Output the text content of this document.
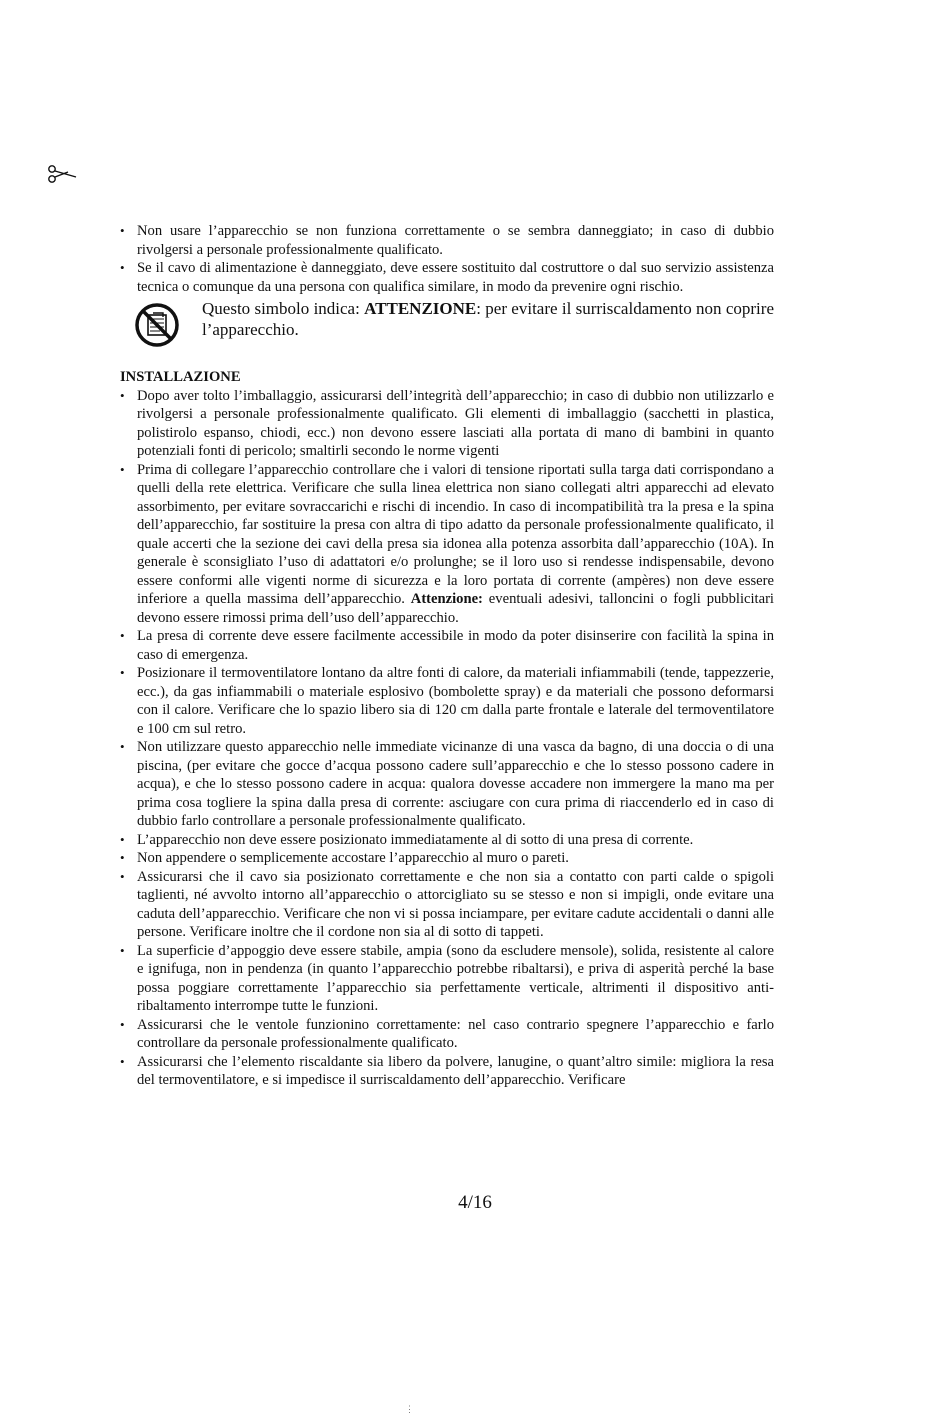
• Non usare l’apparecchio se non funziona correttamente o se sembra danneggiato; in caso di dubbio rivolgersi a personale professionalmente qualificato.
• Se il cavo di alimentazione è danneggiato, deve essere sostituito dal costruttore o dal suo servizio assistenza tecnica o comunque da una persona con qualifica similare, in modo da prevenire ogni rischio.
Questo simbolo indica: ATTENZIONE: per evitare il surriscaldamento non coprire l’apparecchio.
INSTALLAZIONE
• Dopo aver tolto l’imballaggio, assicurarsi dell’integrità dell’apparecchio; in caso di dubbio non utilizzarlo e rivolgersi a personale professionalmente qualificato. Gli elementi di imballaggio (sacchetti in plastica, polistirolo espanso, chiodi, ecc.) non devono essere lasciati alla portata di mano di bambini in quanto potenziali fonti di pericolo; smaltirli secondo le norme vigenti
• Prima di collegare l’apparecchio controllare che i valori di tensione riportati sulla targa dati corrispondano a quelli della rete elettrica. Verificare che sulla linea elettrica non siano collegati altri apparecchi ad elevato assorbimento, per evitare sovraccarichi e rischi di incendio. In caso di incompatibilità tra la presa e la spina dell’apparecchio, far sostituire la presa con altra di tipo adatto da personale professionalmente qualificato, il quale accerti che la sezione dei cavi della presa sia idonea alla potenza assorbita dall’apparecchio (10A). In generale è sconsigliato l’uso di adattatori e/o prolunghe; se il loro uso si rendesse indispensabile, devono essere conformi alle vigenti norme di sicurezza e la loro portata di corrente (ampères) non deve essere inferiore a quella massima dell’apparecchio. Attenzione: eventuali adesivi, talloncini o fogli pubblicitari devono essere rimossi prima dell’uso dell’apparecchio.
• La presa di corrente deve essere facilmente accessibile in modo da poter disinserire con facilità la spina in caso di emergenza.
• Posizionare il termoventilatore lontano da altre fonti di calore, da materiali infiammabili (tende, tappezzerie, ecc.), da gas infiammabili o materiale esplosivo (bombolette spray) e da materiali che possono deformarsi con il calore. Verificare che lo spazio libero sia di 120 cm dalla parte frontale e laterale del termoventilatore e 100 cm sul retro.
• Non utilizzare questo apparecchio nelle immediate vicinanze di una vasca da bagno, di una doccia o di una piscina, (per evitare che gocce d’acqua possono cadere sull’apparecchio e che lo stesso possono cadere in acqua), e che lo stesso possono cadere in acqua: qualora dovesse accadere non immergere la mano ma per prima cosa togliere la spina dalla presa di corrente: asciugare con cura prima di riaccenderlo ed in caso di dubbio farlo controllare a personale professionalmente qualificato.
• L’apparecchio non deve essere posizionato immediatamente al di sotto di una presa di corrente.
• Non appendere o semplicemente accostare l’apparecchio al muro o pareti.
• Assicurarsi che il cavo sia posizionato correttamente e che non sia a contatto con parti calde o spigoli taglienti, né avvolto intorno all’apparecchio o attorcigliato su se stesso e non si impigli, onde evitare una caduta dell’apparecchio. Verificare che non vi si possa inciampare, per evitare cadute accidentali o danni alle persone. Verificare inoltre che il cordone non sia al di sotto di tappeti.
• La superficie d’appoggio deve essere stabile, ampia (sono da escludere mensole), solida, resistente al calore e ignifuga, non in pendenza (in quanto l’apparecchio potrebbe ribaltarsi), e priva di asperità perché la base possa poggiare correttamente l’apparecchio sia perfettamente verticale, altrimenti il dispositivo anti-ribaltamento interrompe tutte le funzioni.
• Assicurarsi che le ventole funzionino correttamente: nel caso contrario spegnere l’apparecchio e farlo controllare da personale professionalmente qualificato.
• Assicurarsi che l’elemento riscaldante sia libero da polvere, lanugine, o quant’altro simile: migliora la resa del termoventilatore, e si impedisce il surriscaldamento dell’apparecchio. Verificare
4/16
⋮
